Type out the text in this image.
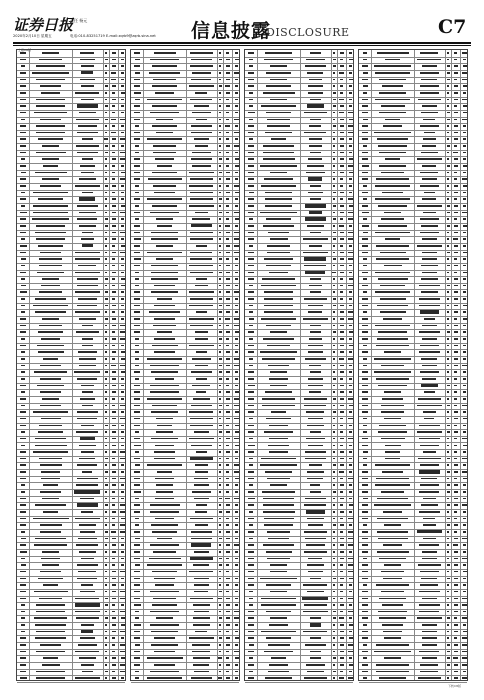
证券日报
责任 杨元
2020年2月10日 星期五	电话:010-83251719 E-mail:zqrb9@zqrb.sina.net 信息披露
DISCLOSURE	C7
上接C6版
下转C8版
